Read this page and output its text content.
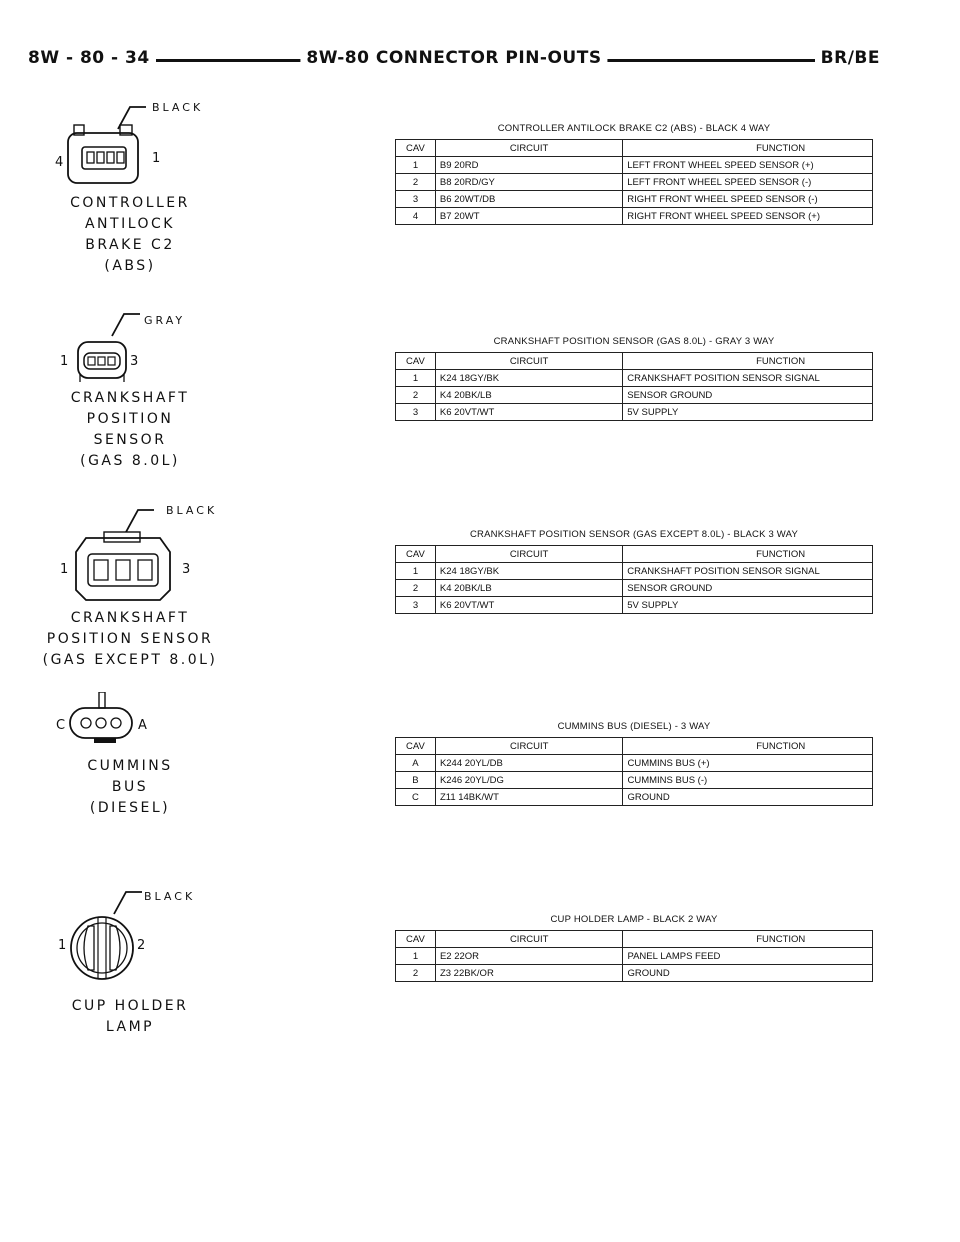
8W - 80 - 34	8W-80 CONNECTOR PIN-OUTS	BR/BE
BLACK
4	1
CONTROLLER
ANTILOCK
BRAKE C2
(ABS)
CONTROLLER ANTILOCK BRAKE C2 (ABS) - BLACK 4 WAY
CAV	CIRCUIT	FUNCTION
1	B9 20RD	LEFT FRONT WHEEL SPEED SENSOR (+)
2	B8 20RD/GY	LEFT FRONT WHEEL SPEED SENSOR (-)
3	B6 20WT/DB	RIGHT FRONT WHEEL SPEED SENSOR (-)
4	B7 20WT	RIGHT FRONT WHEEL SPEED SENSOR (+)
GRAY
1	3
CRANKSHAFT
POSITION
SENSOR
(GAS 8.0L)
CRANKSHAFT POSITION SENSOR (GAS 8.0L) - GRAY 3 WAY
CAV	CIRCUIT	FUNCTION
1	K24 18GY/BK	CRANKSHAFT POSITION SENSOR SIGNAL
2	K4 20BK/LB	SENSOR GROUND
3	K6 20VT/WT	5V SUPPLY
BLACK
1	3
CRANKSHAFT
POSITION SENSOR
(GAS EXCEPT 8.0L)
CRANKSHAFT POSITION SENSOR (GAS EXCEPT 8.0L) - BLACK 3 WAY
CAV	CIRCUIT	FUNCTION
1	K24 18GY/BK	CRANKSHAFT POSITION SENSOR SIGNAL
2	K4 20BK/LB	SENSOR GROUND
3	K6 20VT/WT	5V SUPPLY
C	A
CUMMINS
BUS
(DIESEL)
CUMMINS BUS (DIESEL) - 3 WAY
CAV	CIRCUIT	FUNCTION
A	K244 20YL/DB	CUMMINS BUS (+)
B	K246 20YL/DG	CUMMINS BUS (-)
C	Z11 14BK/WT	GROUND
BLACK
1	2
CUP HOLDER
LAMP
CUP HOLDER LAMP - BLACK 2 WAY
CAV	CIRCUIT	FUNCTION
1	E2 22OR	PANEL LAMPS FEED
2	Z3 22BK/OR	GROUND
